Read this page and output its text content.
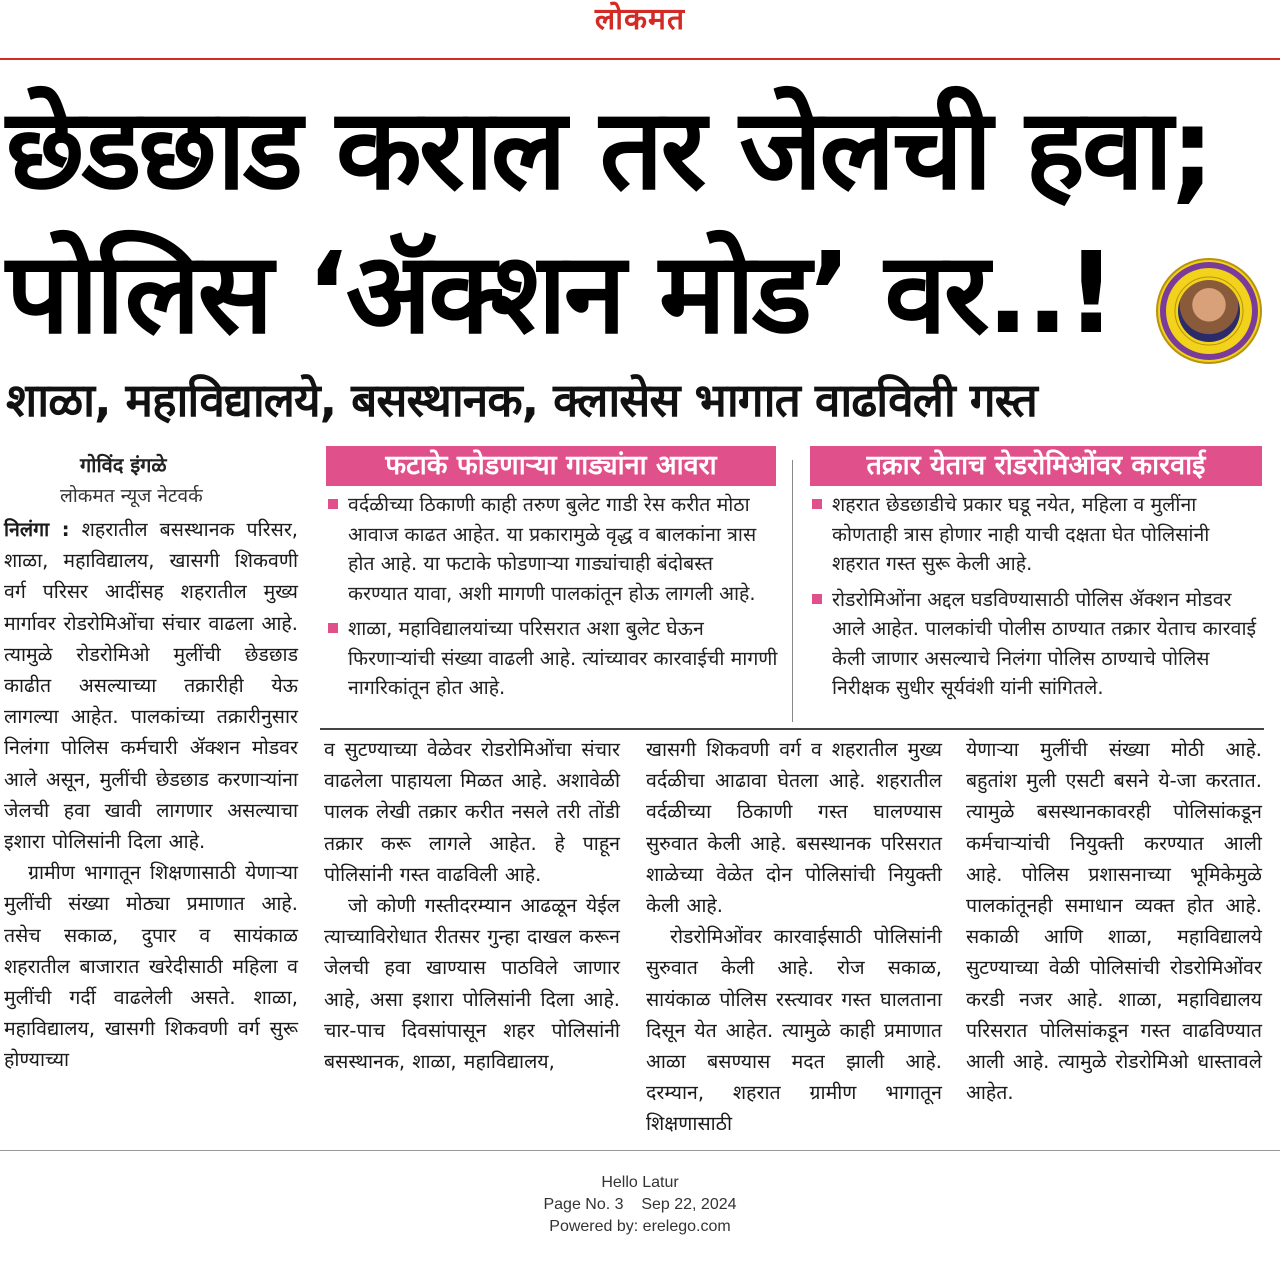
लोकमत
छेडछाड कराल तर जेलची हवा;
पोलिस ‘ॲक्शन मोड’ वर..!
शाळा, महाविद्यालये, बसस्थानक, क्लासेस भागात वाढविली गस्त
गोविंद इंगळे
लोकमत न्यूज नेटवर्क
फटाके फोडणाऱ्या गाड्यांना आवरा	तक्रार येताच रोडरोमिओंवर कारवाई
वर्दळीच्या ठिकाणी काही तरुण बुलेट गाडी रेस करीत मोठा आवाज काढत आहेत. या प्रकारामुळे वृद्ध व बालकांना त्रास होत आहे. या फटाके फोडणाऱ्या गाड्यांचाही बंदोबस्त करण्यात यावा, अशी मागणी पालकांतून होऊ लागली आहे.
शाळा, महाविद्यालयांच्या परिसरात अशा बुलेट घेऊन फिरणाऱ्यांची संख्या वाढली आहे. त्यांच्यावर कारवाईची मागणी नागरिकांतून होत आहे.
शहरात छेडछाडीचे प्रकार घडू नयेत, महिला व मुलींना कोणताही त्रास होणार नाही याची दक्षता घेत पोलिसांनी शहरात गस्त सुरू केली आहे.
रोडरोमिओंना अद्दल घडविण्यासाठी पोलिस ॲक्शन मोडवर आले आहेत. पालकांची पोलीस ठाण्यात तक्रार येताच कारवाई केली जाणार असल्याचे निलंगा पोलिस ठाण्याचे पोलिस निरीक्षक सुधीर सूर्यवंशी यांनी सांगितले.

निलंगा : शहरातील बसस्थानक परिसर, शाळा, महाविद्यालय, खासगी शिकवणी वर्ग परिसर आदींसह शहरातील मुख्य मार्गावर रोडरोमिओंचा संचार वाढला आहे. त्यामुळे रोडरोमिओ मुलींची छेडछाड काढीत असल्याच्या तक्रारीही येऊ लागल्या आहेत. पालकांच्या तक्रारीनुसार निलंगा पोलिस कर्मचारी ॲक्शन मोडवर आले असून, मुलींची छेडछाड करणाऱ्यांना जेलची हवा खावी लागणार असल्याचा इशारा पोलिसांनी दिला आहे.

ग्रामीण भागातून शिक्षणासाठी येणाऱ्या मुलींची संख्या मोठ्या प्रमाणात आहे. तसेच सकाळ, दुपार व सायंकाळ शहरातील बाजारात खरेदीसाठी महिला व मुलींची गर्दी वाढलेली असते. शाळा, महाविद्यालय, खासगी शिकवणी वर्ग सुरू होण्याच्या

व सुटण्याच्या वेळेवर रोडरोमिओंचा संचार वाढलेला पाहायला मिळत आहे. अशावेळी पालक लेखी तक्रार करीत नसले तरी तोंडी तक्रार करू लागले आहेत. हे पाहून पोलिसांनी गस्त वाढविली आहे.

जो कोणी गस्तीदरम्यान आढळून येईल त्याच्याविरोधात रीतसर गुन्हा दाखल करून जेलची हवा खाण्यास पाठविले जाणार आहे, असा इशारा पोलिसांनी दिला आहे. चार-पाच दिवसांपासून शहर पोलिसांनी बसस्थानक, शाळा, महाविद्यालय,

खासगी शिकवणी वर्ग व शहरातील मुख्य वर्दळीचा आढावा घेतला आहे. शहरातील वर्दळीच्या ठिकाणी गस्त घालण्यास सुरुवात केली आहे. बसस्थानक परिसरात शाळेच्या वेळेत दोन पोलिसांची नियुक्ती केली आहे.

रोडरोमिओंवर कारवाईसाठी पोलिसांनी सुरुवात केली आहे. रोज सकाळ, सायंकाळ पोलिस रस्त्यावर गस्त घालताना दिसून येत आहेत. त्यामुळे काही प्रमाणात आळा बसण्यास मदत झाली आहे. दरम्यान, शहरात ग्रामीण भागातून शिक्षणासाठी

येणाऱ्या मुलींची संख्या मोठी आहे. बहुतांश मुली एसटी बसने ये-जा करतात. त्यामुळे बसस्थानकावरही पोलिसांकडून कर्मचाऱ्यांची नियुक्ती करण्यात आली आहे. पोलिस प्रशासनाच्या भूमिकेमुळे पालकांतूनही समाधान व्यक्त होत आहे. सकाळी आणि शाळा, महाविद्यालये सुटण्याच्या वेळी पोलिसांची रोडरोमिओंवर करडी नजर आहे. शाळा, महाविद्यालय परिसरात पोलिसांकडून गस्त वाढविण्यात आली आहे. त्यामुळे रोडरोमिओ धास्तावले आहेत.

Hello Latur
Page No. 3    Sep 22, 2024
Powered by: erelego.com
